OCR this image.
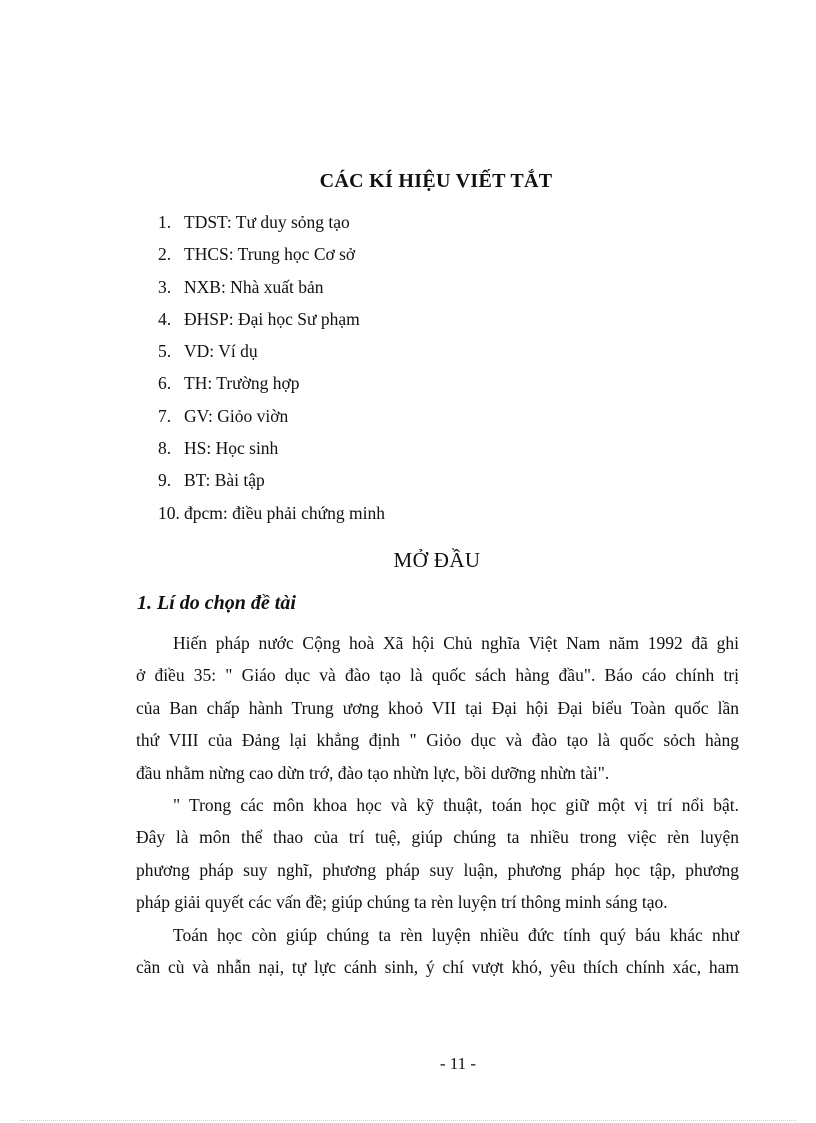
CÁC KÍ HIỆU VIẾT TẮT
1. TDST: Tư duy sỏng tạo
2. THCS: Trung học Cơ sở
3. NXB: Nhà xuất bản
4. ĐHSP: Đại học Sư phạm
5. VD: Ví dụ
6. TH: Trường hợp
7. GV: Giỏo viờn
8. HS: Học sinh
9. BT: Bài tập
10. đpcm: điều phải chứng minh
MỞ ĐẦU
1. Lí do chọn đề tài

Hiến pháp nước Cộng hoà Xã hội Chủ nghĩa Việt Nam năm 1992 đã ghi
ở điều 35: " Giáo dục và đào tạo là quốc sách hàng đầu". Báo cáo chính trị
của Ban chấp hành Trung ương khoỏ VII tại Đại hội Đại biểu Toàn quốc lần
thứ VIII của Đảng lại khẳng định " Giỏo dục và đào tạo là quốc sỏch hàng
đầu nhằm nừng cao dừn trớ, đào tạo nhừn lực, bồi dưỡng nhừn tài".

" Trong các môn khoa học và kỹ thuật, toán học giữ một vị trí nổi bật.
Đây là môn thể thao của trí tuệ, giúp chúng ta nhiều trong việc rèn luyện
phương pháp suy nghĩ, phương pháp suy luận, phương pháp học tập, phương
pháp giải quyết các vấn đề; giúp chúng ta rèn luyện trí thông minh sáng tạo.

Toán học còn giúp chúng ta rèn luyện nhiều đức tính quý báu khác như
cần cù và nhẫn nại, tự lực cánh sinh, ý chí vượt khó, yêu thích chính xác, ham

- 11 -
